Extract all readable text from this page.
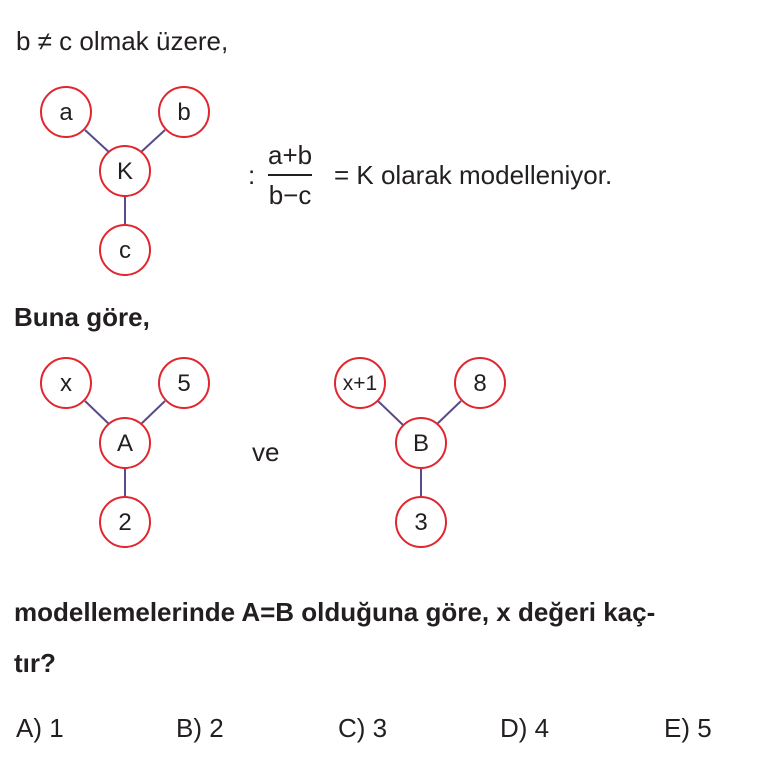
b ≠ c olmak üzere,
a	b
K
c
x	5
A
2
x+1	8
B
3
:
a+b
b−c
= K olarak modelleniyor.
Buna göre,
ve
modellemelerinde A=B olduğuna göre, x değeri kaç-
tır?
A) 1	B) 2	C) 3	D) 4	E) 5
